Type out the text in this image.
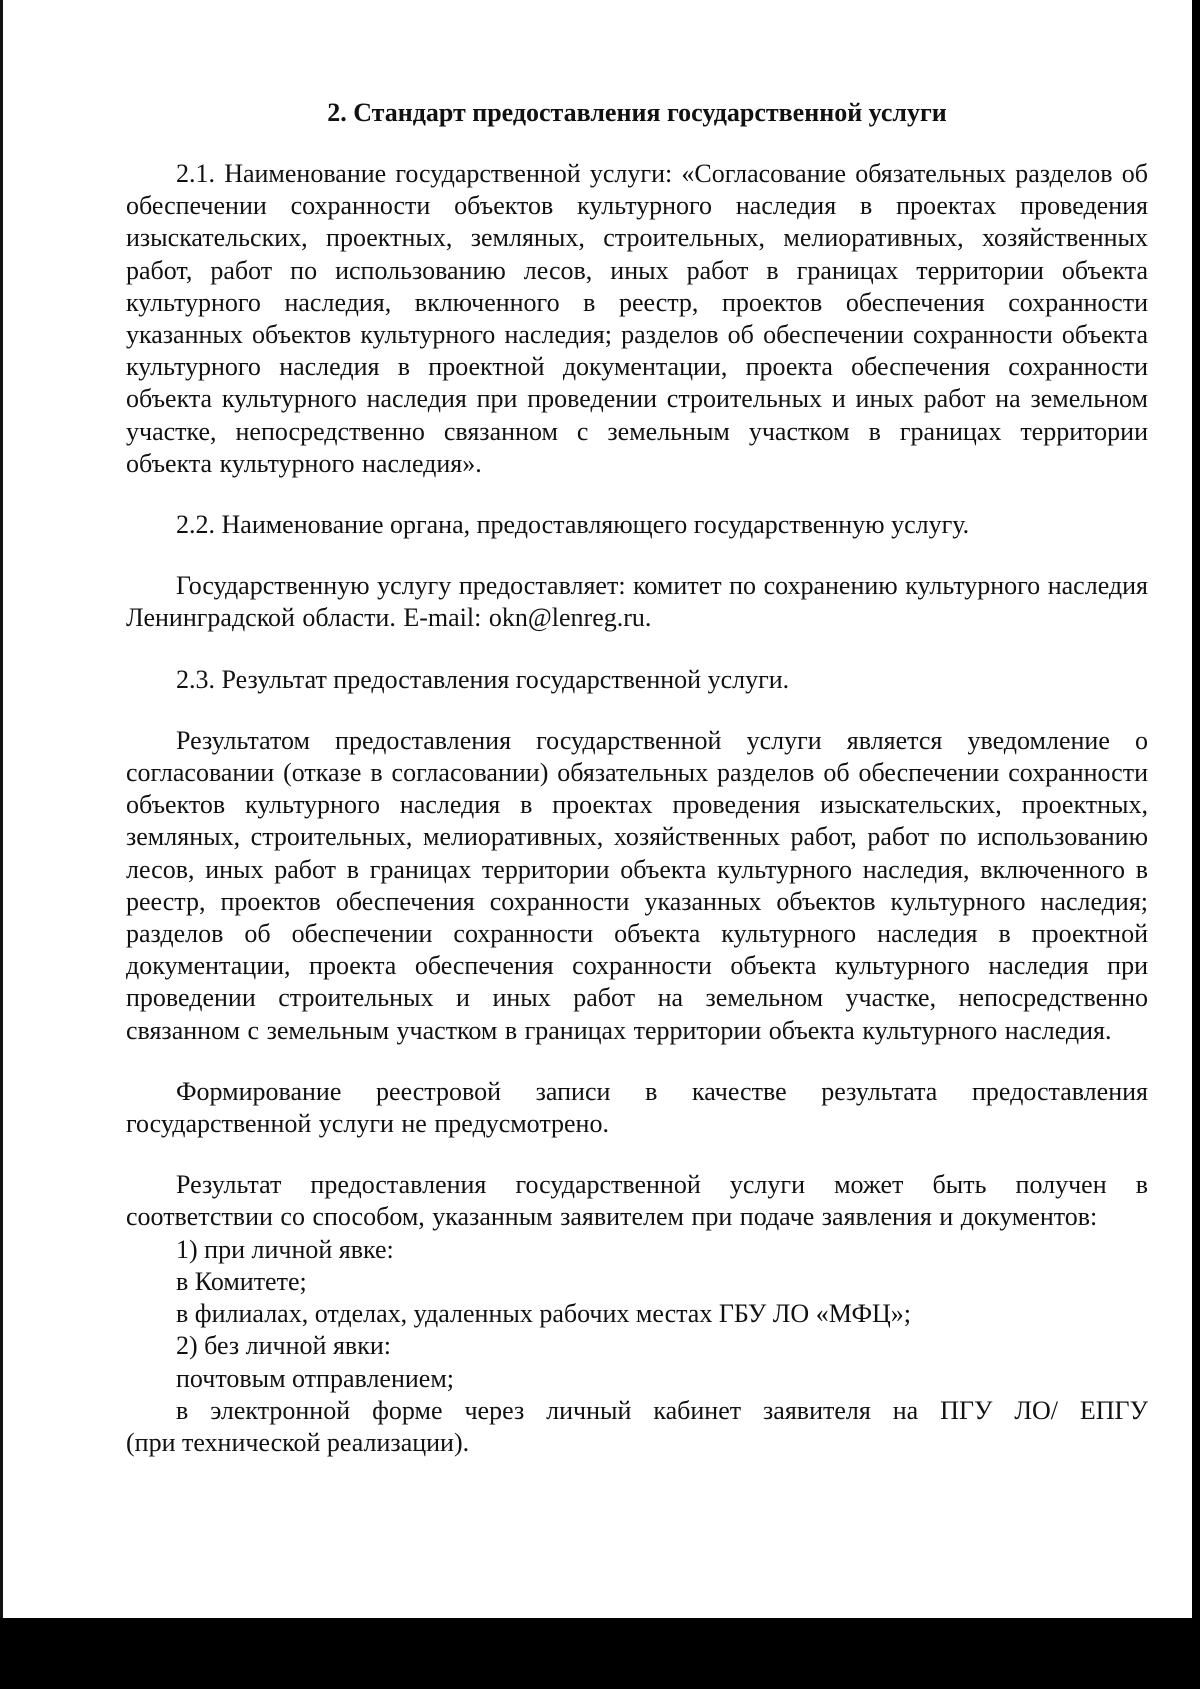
2. Стандарт предоставления государственной услуги

2.1. Наименование государственной услуги: «Согласование обязательных разделов об обеспечении сохранности объектов культурного наследия в проектах проведения изыскательских, проектных, земляных, строительных, мелиоративных, хозяйственных работ, работ по использованию лесов, иных работ в границах территории объекта культурного наследия, включенного в реестр, проектов обеспечения сохранности указанных объектов культурного наследия; разделов об обеспечении сохранности объекта культурного наследия в проектной документации, проекта обеспечения сохранности объекта культурного наследия при проведении строительных и иных работ на земельном участке, непосредственно связанном с земельным участком в границах территории объекта культурного наследия».

2.2. Наименование органа, предоставляющего государственную услугу.

Государственную услугу предоставляет: комитет по сохранению культурного наследия Ленинградской области. E-mail: okn@lenreg.ru.

2.3. Результат предоставления государственной услуги.

Результатом предоставления государственной услуги является уведомление о согласовании (отказе в согласовании) обязательных разделов об обеспечении сохранности объектов культурного наследия в проектах проведения изыскательских, проектных, земляных, строительных, мелиоративных, хозяйственных работ, работ по использованию лесов, иных работ в границах территории объекта культурного наследия, включенного в реестр, проектов обеспечения сохранности указанных объектов культурного наследия; разделов об обеспечении сохранности объекта культурного наследия в проектной документации, проекта обеспечения сохранности объекта культурного наследия при проведении строительных и иных работ на земельном участке, непосредственно связанном с земельным участком в границах территории объекта культурного наследия.

Формирование реестровой записи в качестве результата предоставления государственной услуги не предусмотрено.

Результат предоставления государственной услуги может быть получен в соответствии со способом, указанным заявителем при подаче заявления и документов:

1) при личной явке:

в Комитете;

в филиалах, отделах, удаленных рабочих местах ГБУ ЛО «МФЦ»;

2) без личной явки:

почтовым отправлением;

в электронной форме через личный кабинет заявителя на ПГУ ЛО/ ЕПГУ

(при технической реализации).
